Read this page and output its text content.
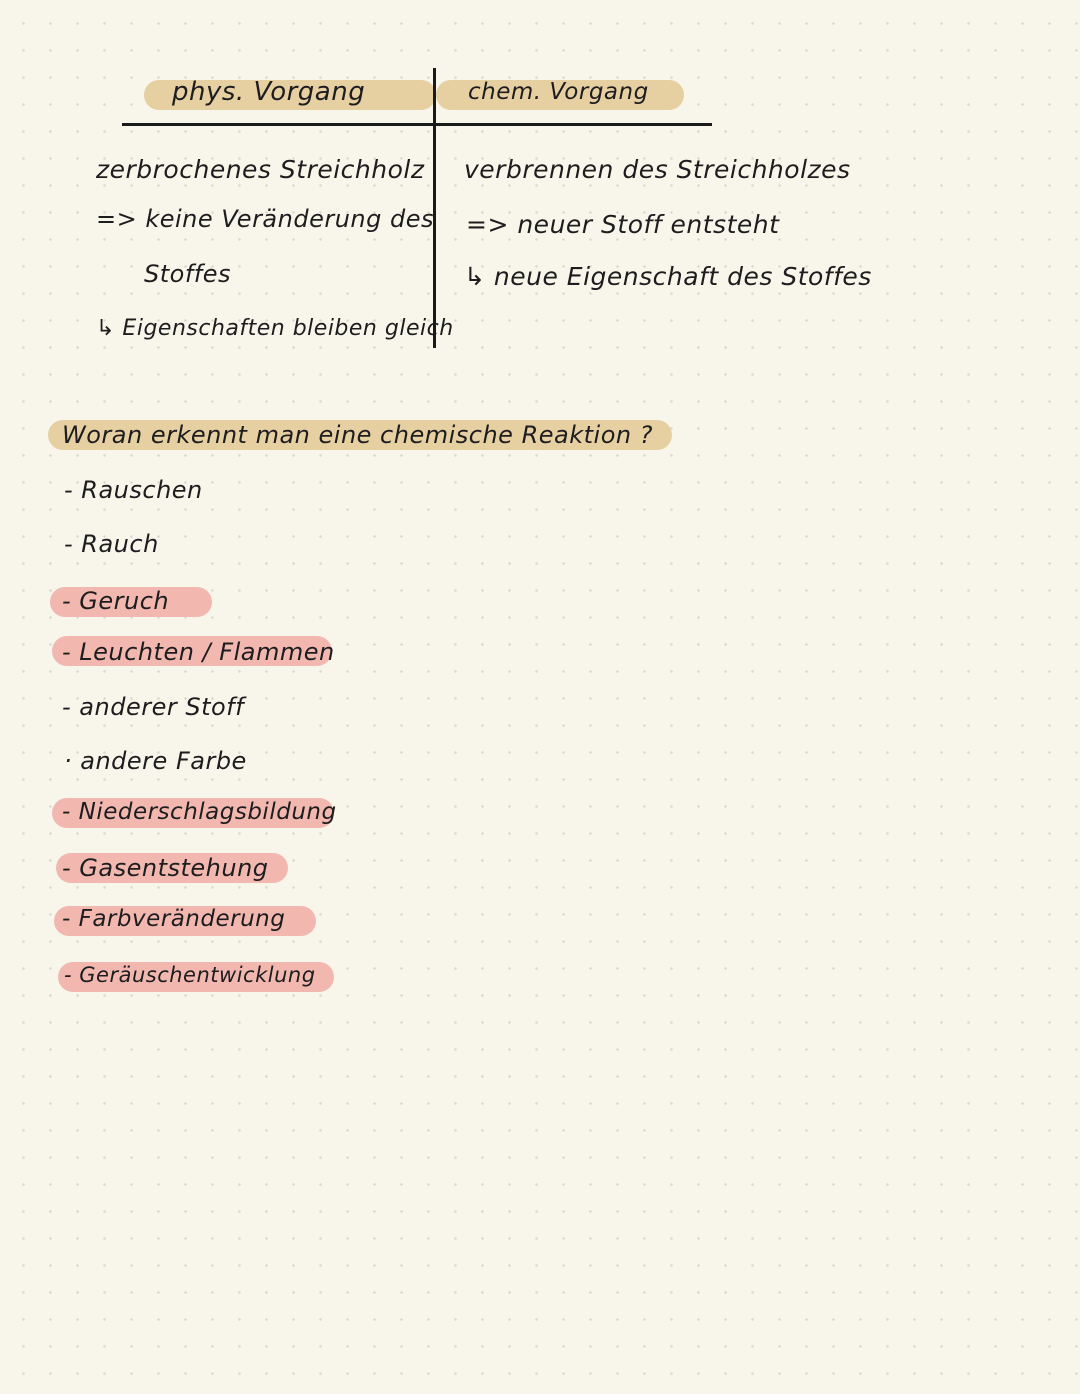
phys. Vorgang	chem. Vorgang
zerbrochenes Streichholz
=> keine Veränderung des
Stoffes
↳ Eigenschaften bleiben gleich
verbrennen des Streichholzes
=> neuer Stoff entsteht
↳ neue Eigenschaft des Stoffes
Woran erkennt man eine chemische Reaktion ?
- Rauschen
- Rauch
- Geruch
- Leuchten / Flammen
- anderer Stoff
· andere Farbe
- Niederschlagsbildung
- Gasentstehung
- Farbveränderung
- Geräuschentwicklung
